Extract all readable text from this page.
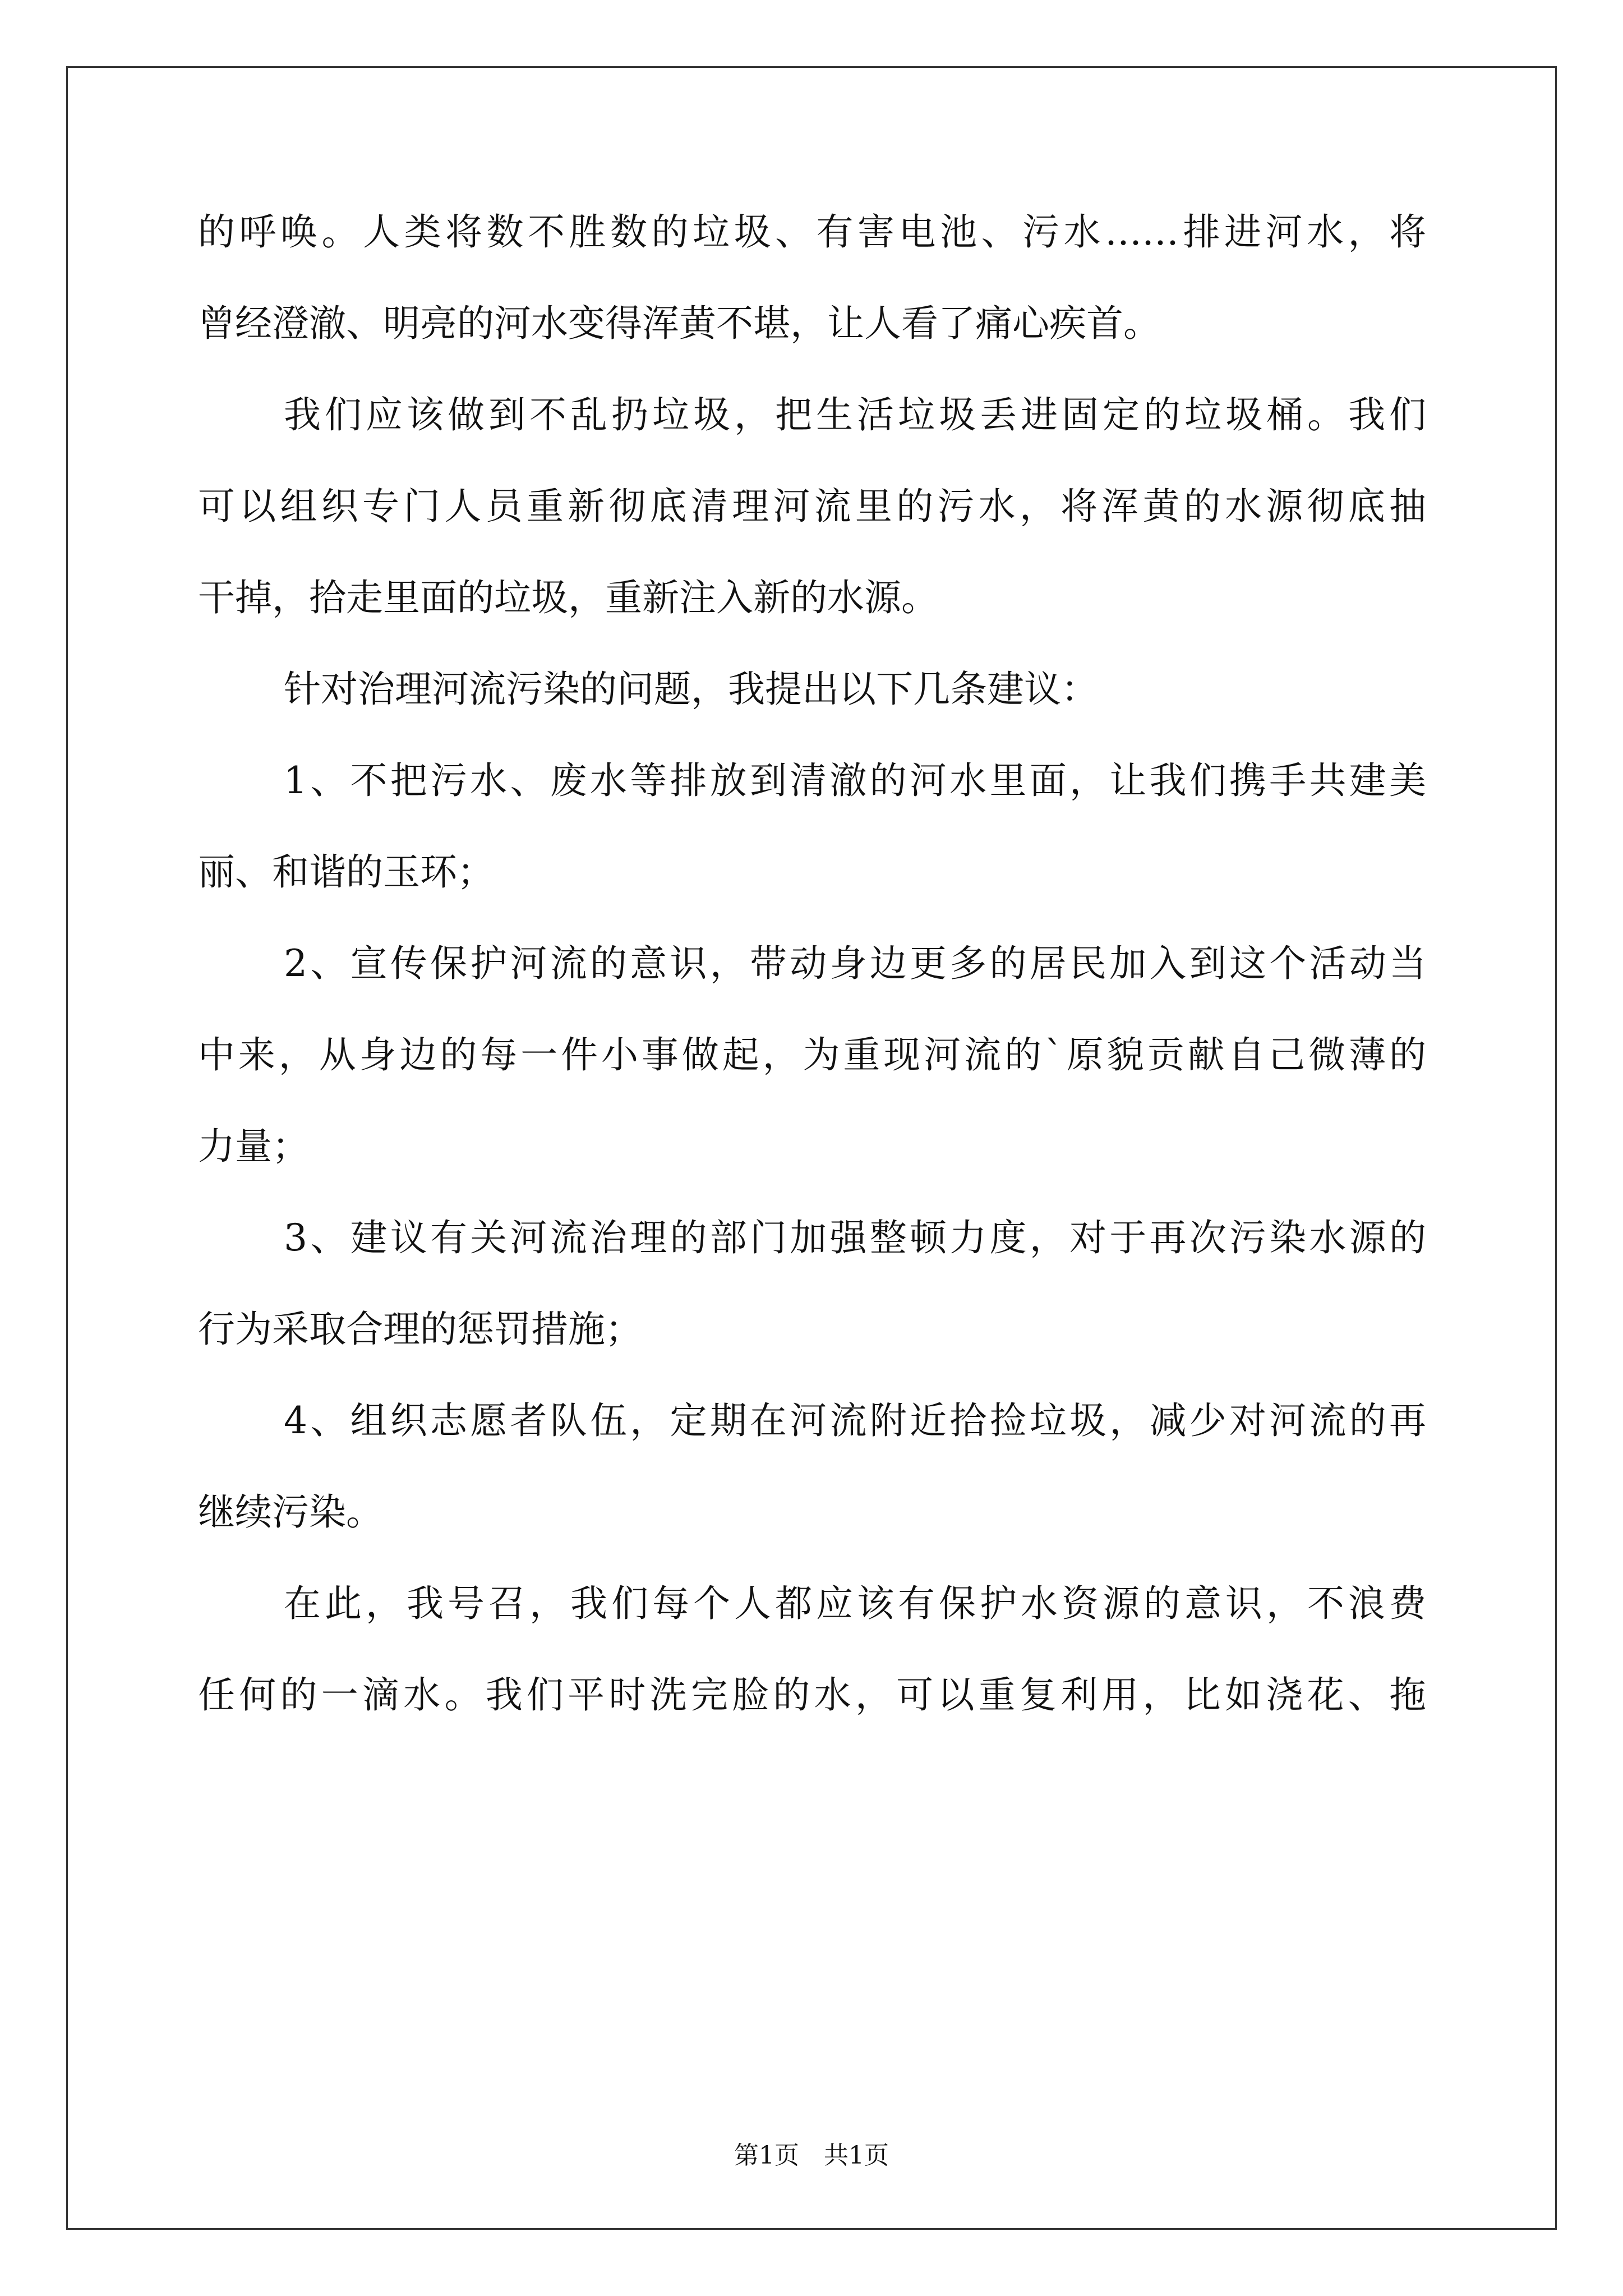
的呼唤。人类将数不胜数的垃圾、有害电池、污水……排进河水，将
曾经澄澈、明亮的河水变得浑黄不堪，让人看了痛心疾首。
我们应该做到不乱扔垃圾，把生活垃圾丢进固定的垃圾桶。我们
可以组织专门人员重新彻底清理河流里的污水，将浑黄的水源彻底抽
干掉，拾走里面的垃圾，重新注入新的水源。
针对治理河流污染的问题，我提出以下几条建议：
1、不把污水、废水等排放到清澈的河水里面，让我们携手共建美
丽、和谐的玉环；
2、宣传保护河流的意识，带动身边更多的居民加入到这个活动当
中来，从身边的每一件小事做起，为重现河流的`原貌贡献自己微薄的
力量；
3、建议有关河流治理的部门加强整顿力度，对于再次污染水源的
行为采取合理的惩罚措施；
4、组织志愿者队伍，定期在河流附近拾捡垃圾，减少对河流的再
继续污染。
在此，我号召，我们每个人都应该有保护水资源的意识，不浪费
任何的一滴水。我们平时洗完脸的水，可以重复利用，比如浇花、拖
第1页　共1页
